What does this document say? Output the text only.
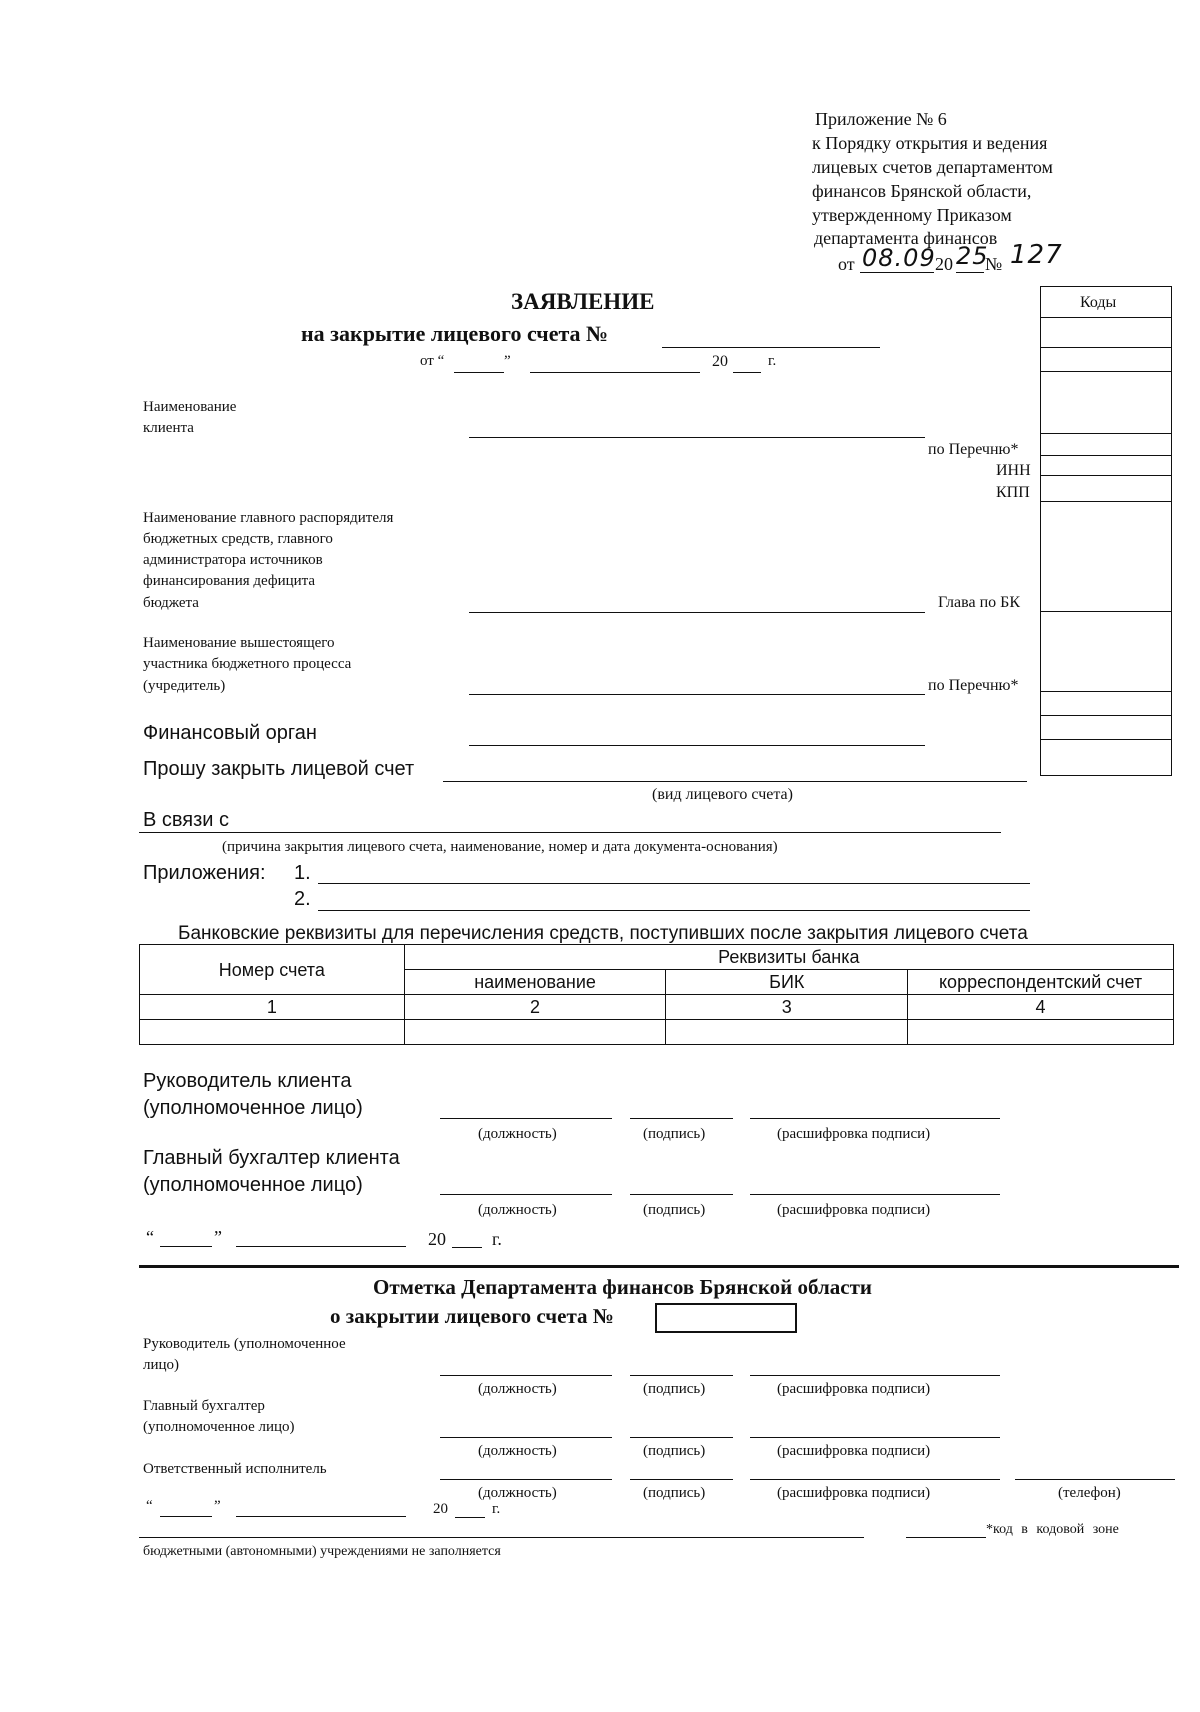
Приложение № 6
к Порядку открытия и ведения
лицевых счетов департаментом
финансов Брянской области,
утвержденному Приказом
департамента финансов
от 08.09 20 25
№ 127
Коды
ЗАЯВЛЕНИЕ
на закрытие лицевого счета №
от “	”	20	г.
Наименование
клиента
по Перечню*
ИНН
КПП
Наименование главного распорядителя
бюджетных средств, главного
администратора источников
финансирования дефицита
бюджета	Глава по БК
Наименование вышестоящего
участника бюджетного процесса
(учредитель)	по Перечню*
Финансовый орган
Прошу закрыть лицевой счет
(вид лицевого счета)
В связи с
(причина закрытия лицевого счета, наименование, номер и дата документа-основания)
Приложения: 1.
2.
Банковские реквизиты для перечисления средств, поступивших после закрытия лицевого счета
Номер счета	Реквизиты банка		
	наименование	БИК	корреспондентский счет
1	2	3	4

Руководитель клиента
(уполномоченное лицо)
(должность)	(подпись)	(расшифровка подписи)
Главный бухгалтер клиента
(уполномоченное лицо)
(должность)	(подпись)	(расшифровка подписи)
“	”	20	г.
Отметка Департамента финансов Брянской области
о закрытии лицевого счета №
Руководитель (уполномоченное
лицо)
(должность)	(подпись)	(расшифровка подписи)
Главный бухгалтер
(уполномоченное лицо)
(должность)	(подпись)	(расшифровка подписи)
Ответственный исполнитель
(должность)	(подпись)	(расшифровка подписи)	(телефон)
“	”	20	г.
*код в кодовой зоне
бюджетными (автономными) учреждениями не заполняется
